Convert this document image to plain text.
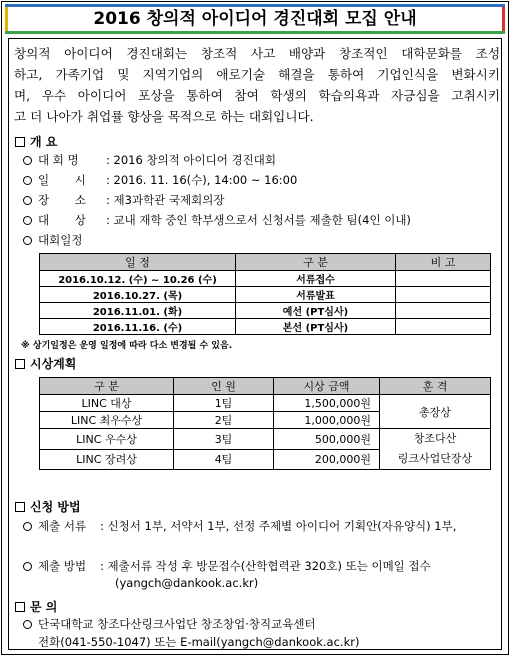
2016 창의적 아이디어 경진대회 모집 안내

창의적 아이디어 경진대회는 창조적 사고 배양과 창조적인 대학문화를 조성

하고, 가족기업 및 지역기업의 애로기술 해결을 통하여 기업인식을 변화시키

며, 우수 아이디어 포상을 통하여 참여 학생의 학습의욕과 자긍심을 고취시키

고 더 나아가 취업률 향상을 목적으로 하는 대회입니다.

개 요
대 회 명	: 2016 창의적 아이디어 경진대회
일       시	: 2016. 11. 16(수), 14:00 ~ 16:00
장       소	: 제3과학관 국제회의장
대       상	: 교내 재학 중인 학부생으로서 신청서를 제출한 팀(4인 이내)
대회일정
일 정	구 분	비 고
2016.10.12. (수) ~ 10.26 (수)	서류접수	
2016.10.27. (목)	서류발표	
2016.11.01. (화)	예선 (PT심사)	
2016.11.16. (수)	본선 (PT심사)	
※ 상기일정은 운영 일정에 따라 다소 변경될 수 있음.
시상계획
구 분	인 원	시상 금액	훈 격
LINC 대상	1팀	1,500,000원	총장상
LINC 최우수상	2팀	1,000,000원	
LINC 우수상	3팀	500,000원	창조다산
링크사업단장상

LINC 장려상	4팀	200,000원	
신청 방법
제출 서류	: 신청서 1부, 서약서 1부, 선정 주제별 아이디어 기획안(자유양식) 1부,
제출 방법	: 제출서류 작성 후 방문접수(산학협력관 320호) 또는 이메일 접수
(yangch@dankook.ac.kr)
문 의
단국대학교 창조다산링크사업단 창조창업·창직교육센터
전화(041-550-1047) 또는 E-mail(yangch@dankook.ac.kr)
